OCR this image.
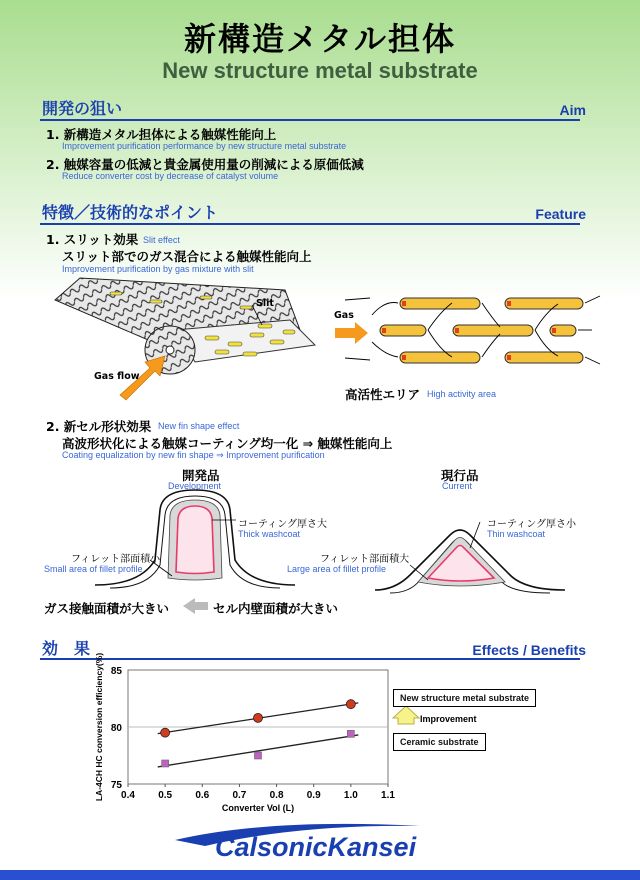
新構造メタル担体
New structure metal substrate
開発の狙い	Aim
1. 新構造メタル担体による触媒性能向上
Improvement purification performance by new structure metal substrate
2. 触媒容量の低減と貴金属使用量の削減による原価低減
Reduce converter cost by decrease of catalyst volume
特徴／技術的なポイント	Feature
1. スリット効果 Slit effect
スリット部でのガス混合による触媒性能向上
Improvement purification by gas mixture with slit
Slit
Gas flow
Gas
高活性エリア High activity area
2. 新セル形状効果 New fin shape effect
高波形状化による触媒コーティング均一化 ⇒ 触媒性能向上
Coating equalization by new fin shape ⇒ Improvement purification
開発品
Development
現行品
Current
コーティング厚さ大
Thick washcoat
コーティング厚さ小
Thin washcoat
フィレット部面積小
Small area of fillet profile
フィレット部面積大
Large area of fillet profile
ガス接触面積が大きい	セル内壁面積が大きい
効　果	Effects / Benefits
75
80
85
0.4 0.5 0.6 0.7 0.8 0.9 1.0 1.1
Converter Vol (L)
LA-4CH HC conversion efficiency(%)	New structure metal substrate
Ceramic substrate
Improvement
CalsonicKansei
